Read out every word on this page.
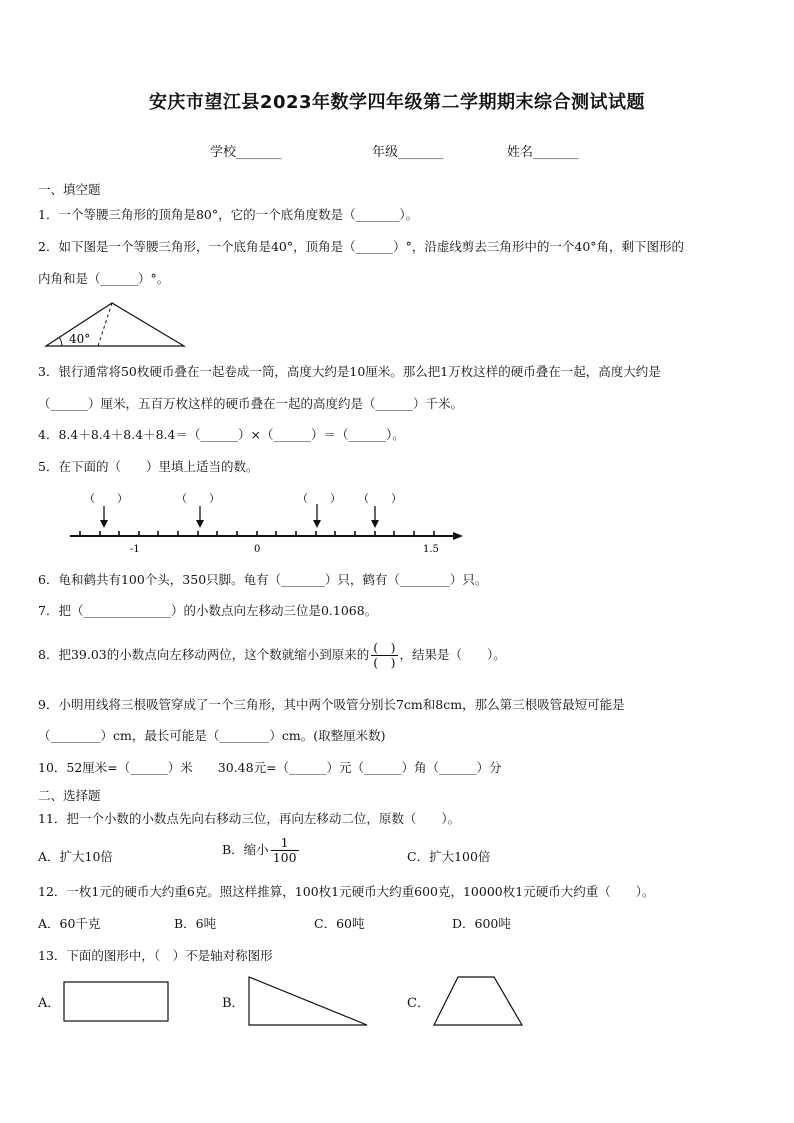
安庆市望江县2023年数学四年级第二学期期末综合测试试题
学校_______	年级_______	姓名_______
一、填空题
1．一个等腰三角形的顶角是80°，它的一个底角度数是（_______）。
2．如下图是一个等腰三角形，一个底角是40°，顶角是（______）°，沿虚线剪去三角形中的一个40°角，剩下图形的
内角和是（______）°。
40°
3．银行通常将50枚硬币叠在一起卷成一筒，高度大约是10厘米。那么把1万枚这样的硬币叠在一起，高度大约是
（______）厘米，五百万枚这样的硬币叠在一起的高度约是（______）千米。
4．8.4＋8.4＋8.4＋8.4＝（______）×（______）＝（______）。
5．在下面的（　　）里填上适当的数。
（　　）	（　　）	（　　） （　　）
-1	0	1.5
6．龟和鹤共有100个头，350只脚。龟有（_______）只，鹤有（________）只。
7．把（______________）的小数点向左移动三位是0.1068。
8．把39.03的小数点向左移动两位，这个数就缩小到原来的 $\frac{( )}{( )}$ ，结果是（　　）。
9．小明用线将三根吸管穿成了一个三角形，其中两个吸管分别长7cm和8cm，那么第三根吸管最短可能是
（________）cm，最长可能是（________）cm。(取整厘米数)
10．52厘米=（______）米　　30.48元=（______）元（______）角（______）分
二、选择题
11．把一个小数的小数点先向右移动三位，再向左移动二位，原数（　　）。
A．扩大10倍	B．缩小 $\frac{1}{100}$	C．扩大100倍
12．一枚1元的硬币大约重6克。照这样推算，100枚1元硬币大约重600克，10000枚1元硬币大约重（　　）。
A．60千克	B．6吨	C．60吨	D．600吨
13．下面的图形中，（　）不是轴对称图形
A．	B．	C．
